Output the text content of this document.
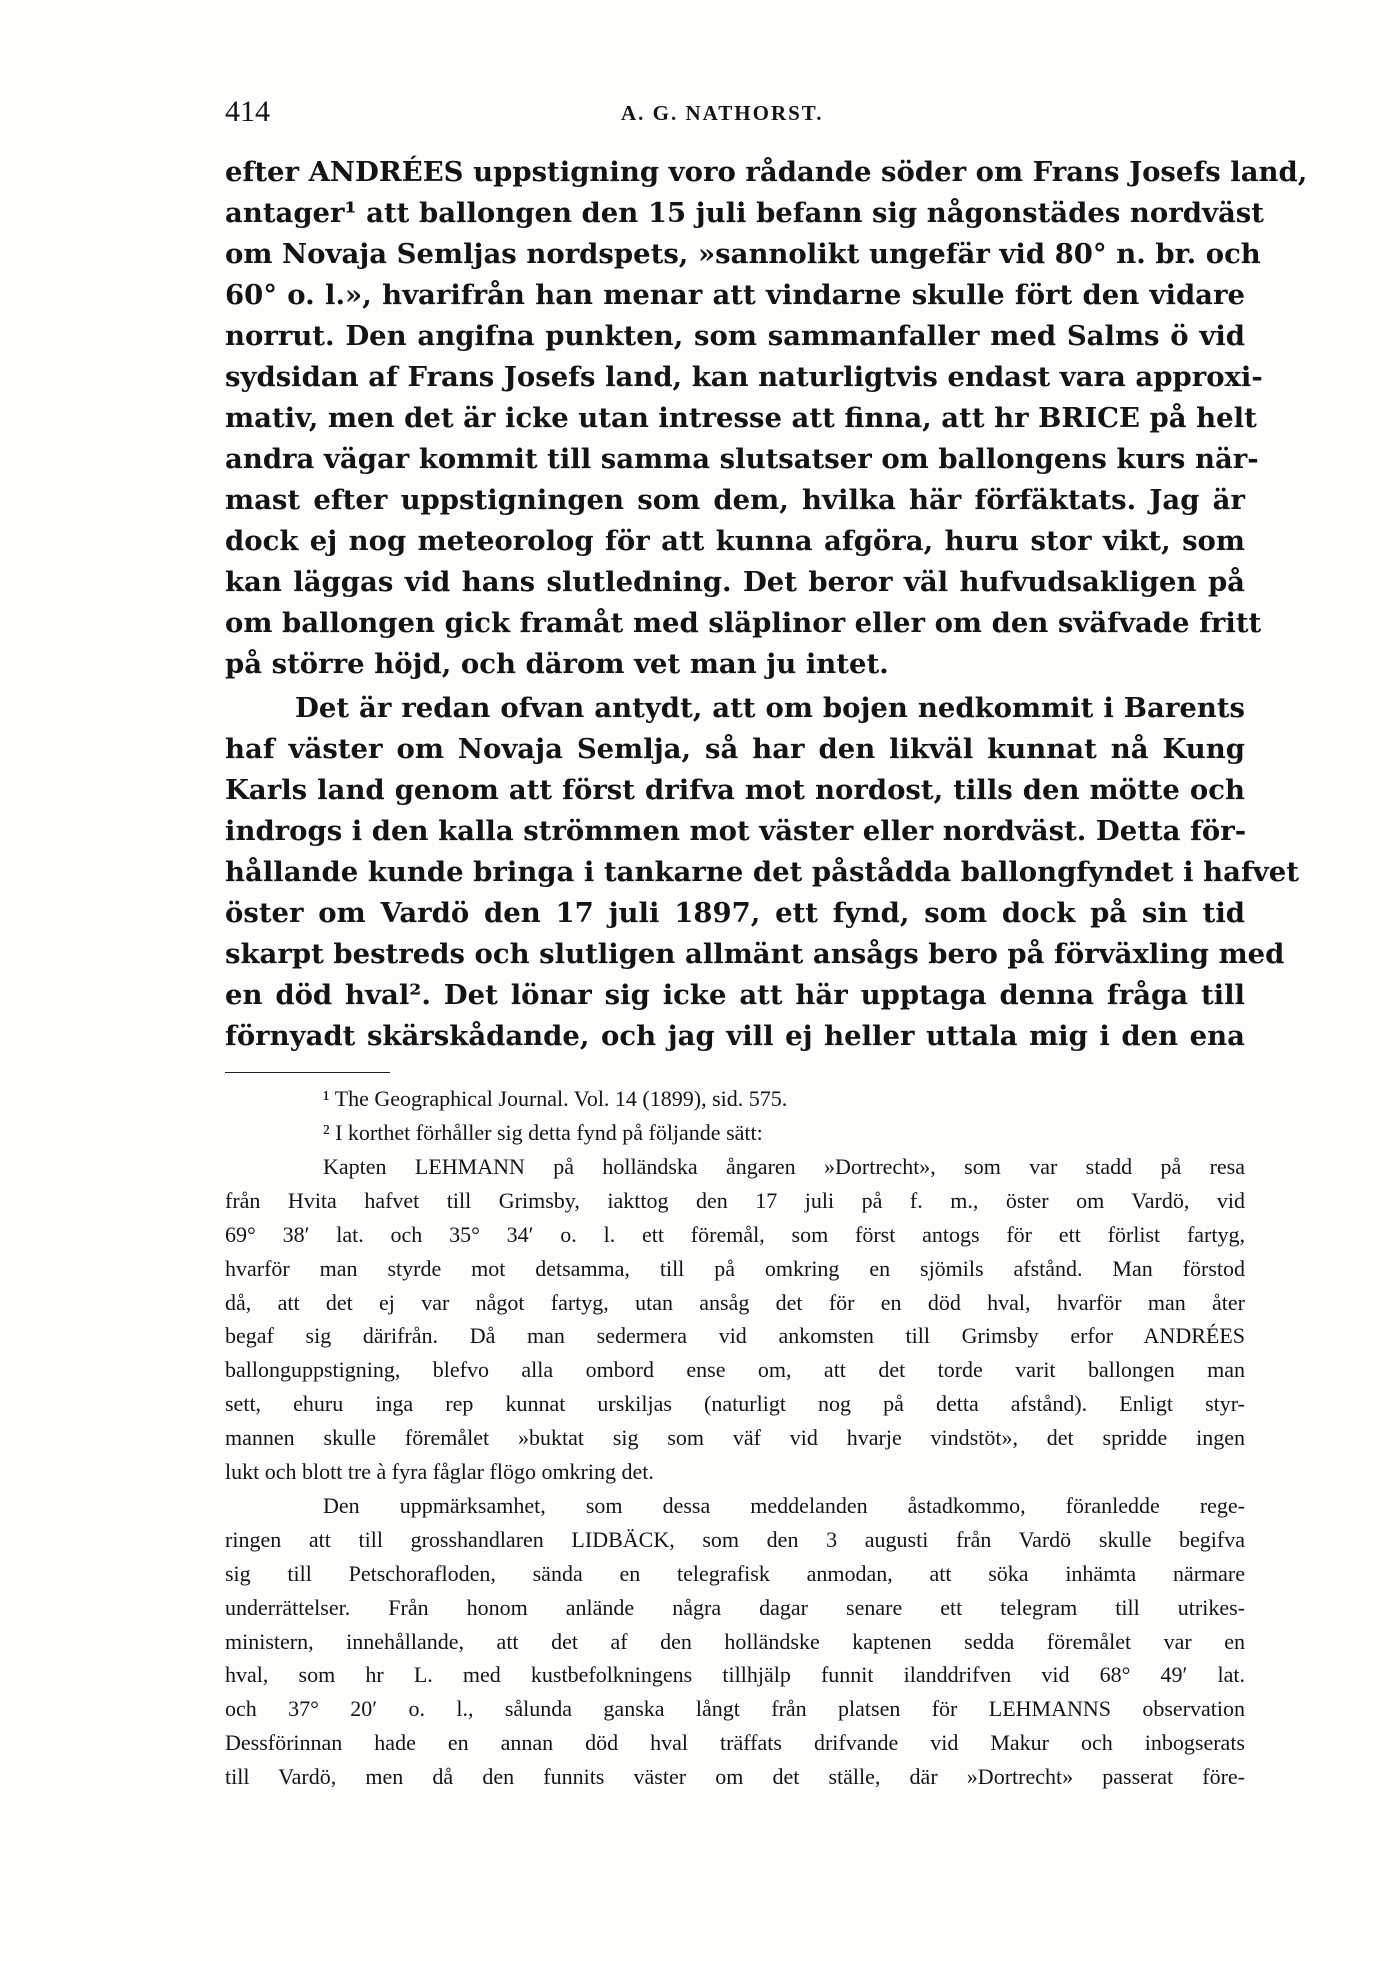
414	A. G. NATHORST.
efter ANDRÉES uppstigning voro rådande söder om Frans Josefs land,
antager¹ att ballongen den 15 juli befann sig någonstädes nordväst
om Novaja Semljas nordspets, »sannolikt ungefär vid 80° n. br. och
60° o. l.», hvarifrån han menar att vindarne skulle fört den vidare
norrut. Den angifna punkten, som sammanfaller med Salms ö vid
sydsidan af Frans Josefs land, kan naturligtvis endast vara approxi-
mativ, men det är icke utan intresse att finna, att hr BRICE på helt
andra vägar kommit till samma slutsatser om ballongens kurs när-
mast efter uppstigningen som dem, hvilka här förfäktats. Jag är
dock ej nog meteorolog för att kunna afgöra, huru stor vikt, som
kan läggas vid hans slutledning. Det beror väl hufvudsakligen på
om ballongen gick framåt med släplinor eller om den sväfvade fritt
på större höjd, och därom vet man ju intet.
Det är redan ofvan antydt, att om bojen nedkommit i Barents
haf väster om Novaja Semlja, så har den likväl kunnat nå Kung
Karls land genom att först drifva mot nordost, tills den mötte och
indrogs i den kalla strömmen mot väster eller nordväst. Detta för-
hållande kunde bringa i tankarne det påstådda ballongfyndet i hafvet
öster om Vardö den 17 juli 1897, ett fynd, som dock på sin tid
skarpt bestreds och slutligen allmänt ansågs bero på förväxling med
en död hval². Det lönar sig icke att här upptaga denna fråga till
förnyadt skärskådande, och jag vill ej heller uttala mig i den ena
¹ The Geographical Journal. Vol. 14 (1899), sid. 575.
² I korthet förhåller sig detta fynd på följande sätt:
Kapten LEHMANN på holländska ångaren »Dortrecht», som var stadd på resa
från Hvita hafvet till Grimsby, iakttog den 17 juli på f. m., öster om Vardö, vid
69° 38′ lat. och 35° 34′ o. l. ett föremål, som först antogs för ett förlist fartyg,
hvarför man styrde mot detsamma, till på omkring en sjömils afstånd. Man förstod
då, att det ej var något fartyg, utan ansåg det för en död hval, hvarför man åter
begaf sig därifrån. Då man sedermera vid ankomsten till Grimsby erfor ANDRÉES
ballonguppstigning, blefvo alla ombord ense om, att det torde varit ballongen man
sett, ehuru inga rep kunnat urskiljas (naturligt nog på detta afstånd). Enligt styr-
mannen skulle föremålet »buktat sig som väf vid hvarje vindstöt», det spridde ingen
lukt och blott tre à fyra fåglar flögo omkring det.
Den uppmärksamhet, som dessa meddelanden åstadkommo, föranledde rege-
ringen att till grosshandlaren LIDBÄCK, som den 3 augusti från Vardö skulle begifva
sig till Petschorafloden, sända en telegrafisk anmodan, att söka inhämta närmare
underrättelser. Från honom anlände några dagar senare ett telegram till utrikes-
ministern, innehållande, att det af den holländske kaptenen sedda föremålet var en
hval, som hr L. med kustbefolkningens tillhjälp funnit ilanddrifven vid 68° 49′ lat.
och 37° 20′ o. l., sålunda ganska långt från platsen för LEHMANNS observation
Dessförinnan hade en annan död hval träffats drifvande vid Makur och inbogserats
till Vardö, men då den funnits väster om det ställe, där »Dortrecht» passerat före-
